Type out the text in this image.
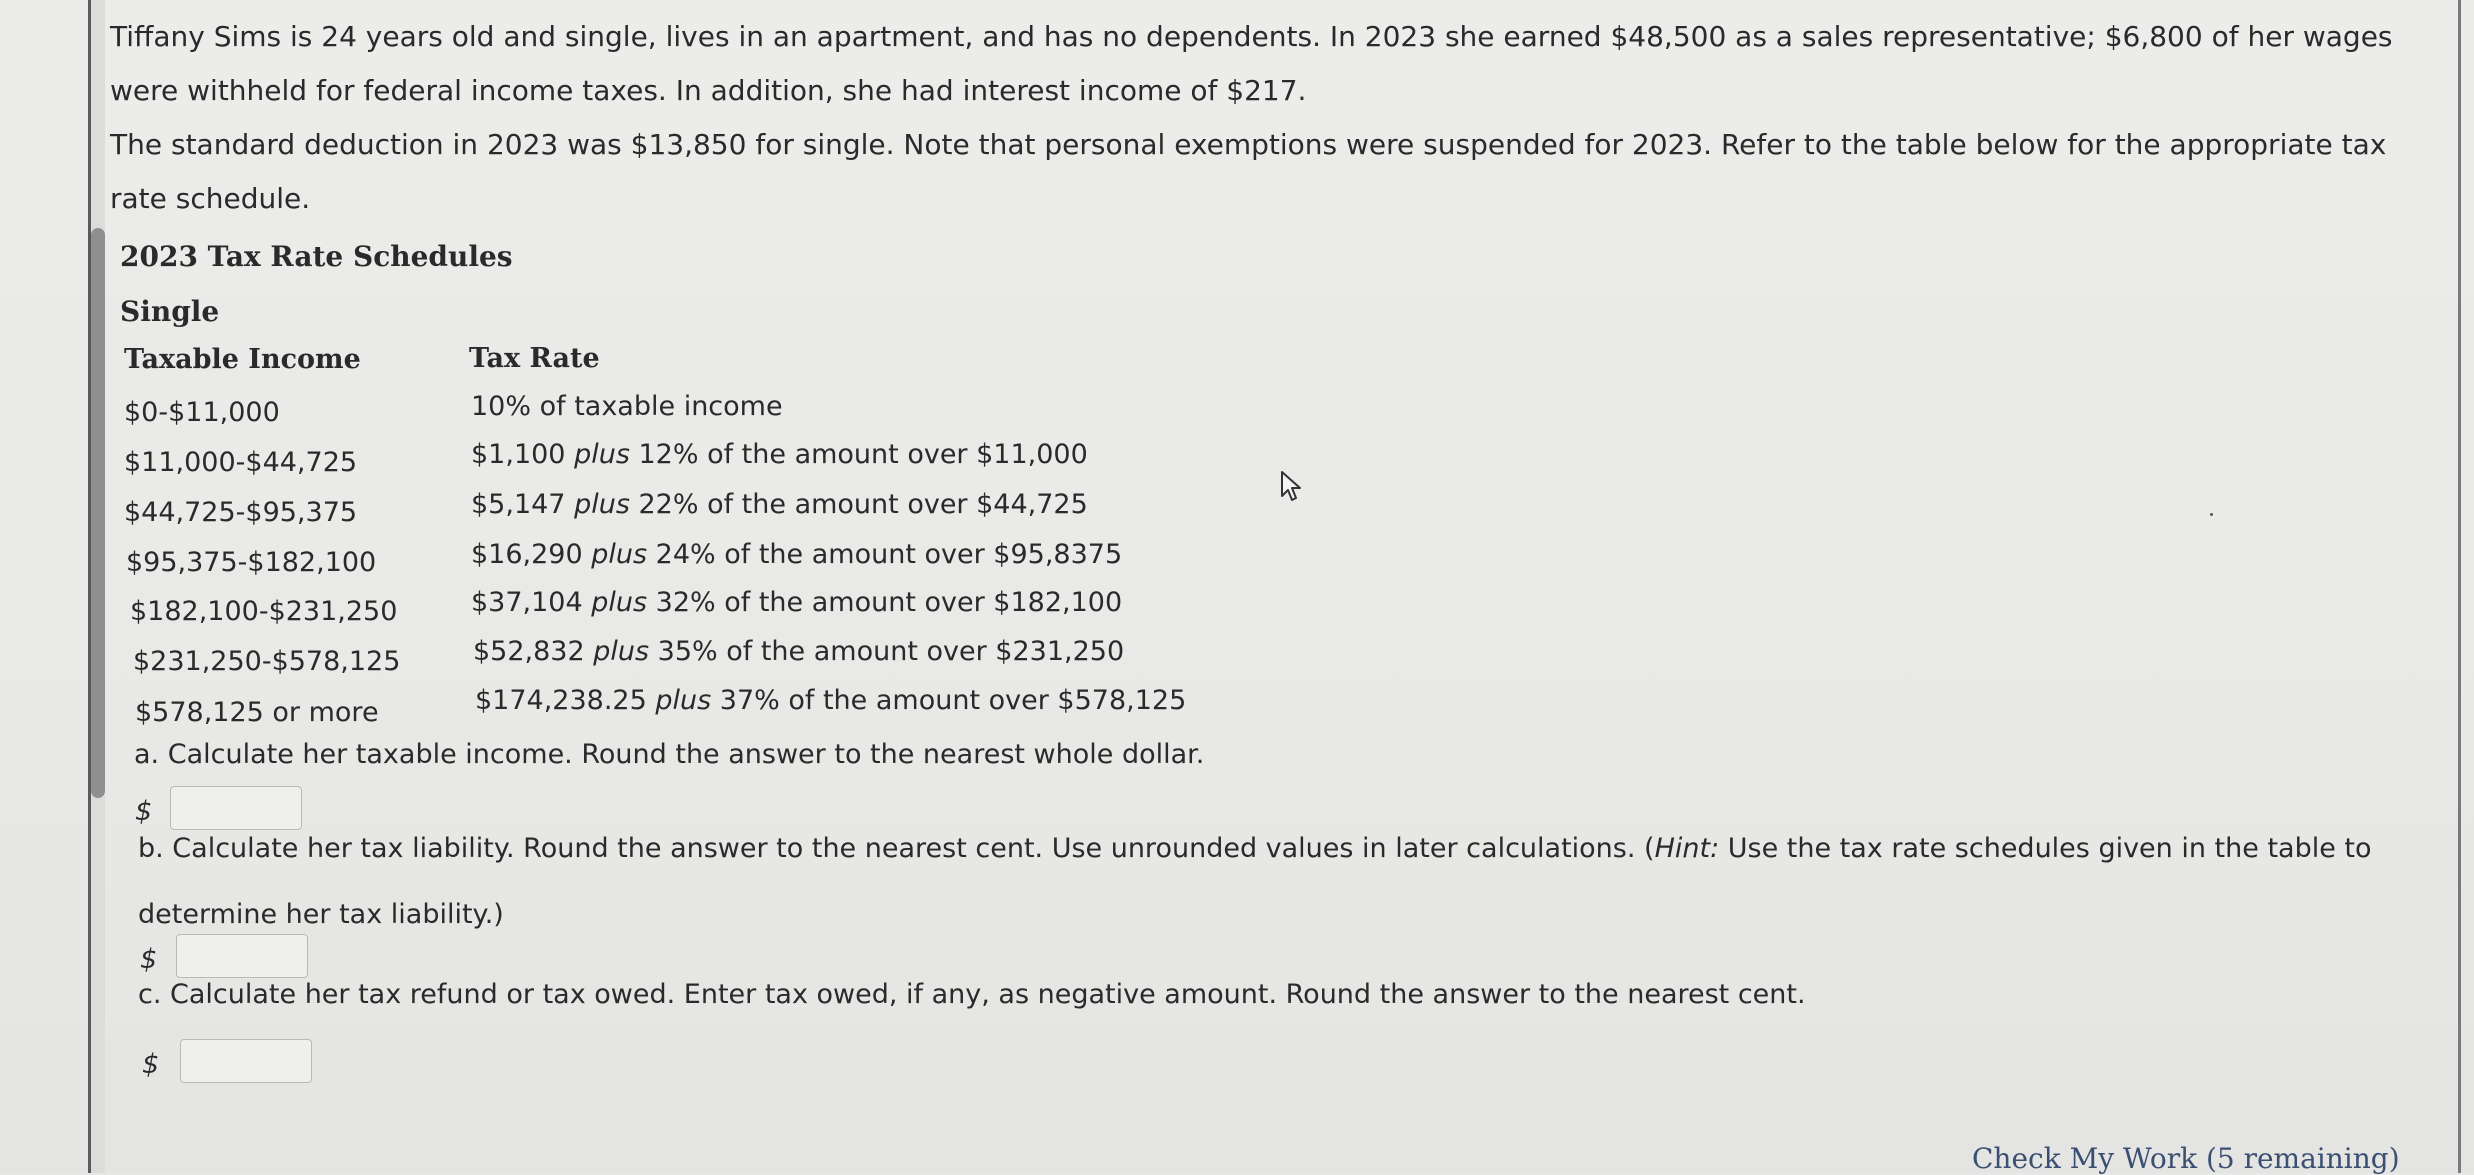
Tiffany Sims is 24 years old and single, lives in an apartment, and has no dependents. In 2023 she earned $48,500 as a sales representative; $6,800 of her wages were withheld for federal income taxes. In addition, she had interest income of $217.

The standard deduction in 2023 was $13,850 for single. Note that personal exemptions were suspended for 2023. Refer to the table below for the appropriate tax rate schedule.

2023 Tax Rate Schedules
Single
Taxable Income	Tax Rate
$0-$11,000	10% of taxable income
$11,000-$44,725	$1,100 plus 12% of the amount over $11,000
$44,725-$95,375	$5,147 plus 22% of the amount over $44,725
$95,375-$182,100	$16,290 plus 24% of the amount over $95,8375
$182,100-$231,250	$37,104 plus 32% of the amount over $182,100
$231,250-$578,125	$52,832 plus 35% of the amount over $231,250
$578,125 or more	$174,238.25 plus 37% of the amount over $578,125

a. Calculate her taxable income. Round the answer to the nearest whole dollar.

$

b. Calculate her tax liability. Round the answer to the nearest cent. Use unrounded values in later calculations. (Hint: Use the tax rate schedules given in the table to determine her tax liability.)

$

c. Calculate her tax refund or tax owed. Enter tax owed, if any, as negative amount. Round the answer to the nearest cent.

$
Check My Work (5 remaining)
